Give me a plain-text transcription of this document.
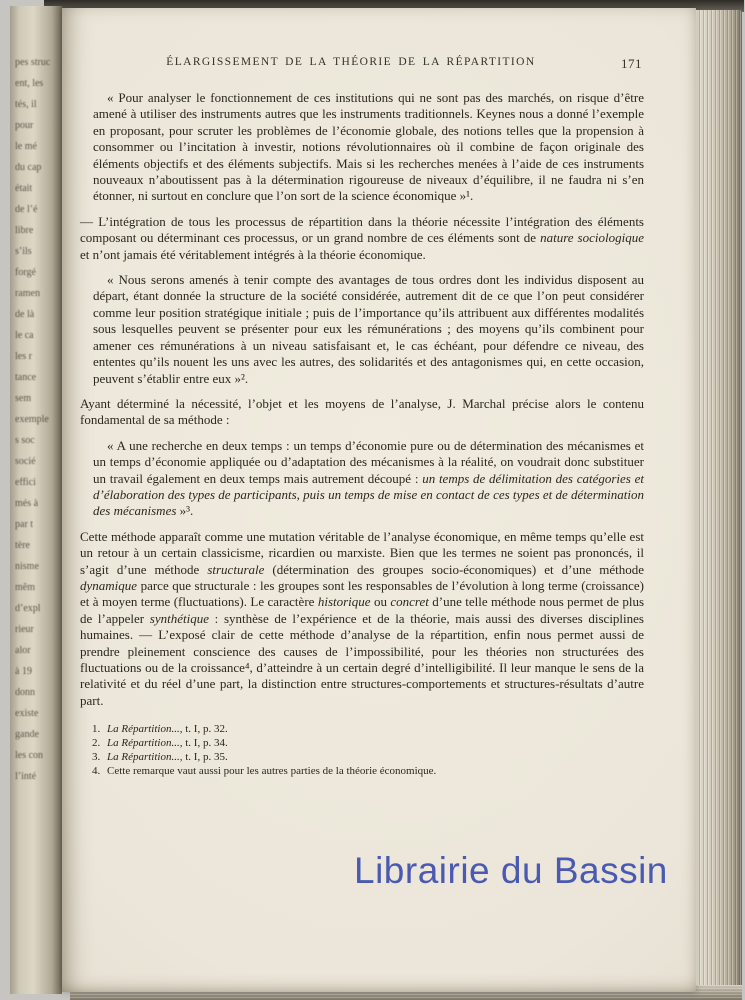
pes struc
ent, les
tés, il
pour
le mé
du cap
était
de l’é
libre
s’ils
forgé
ramen
de là
le ca
les r
tance
sem
exemple
s soc
socié
effici
més à
par t
tère
nisme
mêm
d’expl
rieur
alor
à 19
donn
existe
gande
les con
l’inté
ÉLARGISSEMENT DE LA THÉORIE DE LA RÉPARTITION	171

« Pour analyser le fonctionnement de ces institutions qui ne sont pas des marchés, on risque d’être amené à utiliser des instruments autres que les instruments traditionnels. Keynes nous a donné l’exemple en proposant, pour scruter les problèmes de l’économie globale, des notions telles que la propension à consommer ou l’incitation à investir, notions révolutionnaires où il combine de façon originale des éléments objectifs et des éléments subjectifs. Mais si les recherches menées à l’aide de ces instruments nouveaux n’aboutissent pas à la détermination rigoureuse de niveaux d’équilibre, il ne faudra ni s’en étonner, ni surtout en conclure que l’on sort de la science économique »¹.

— L’intégration de tous les processus de répartition dans la théorie nécessite l’intégration des éléments composant ou déterminant ces processus, or un grand nombre de ces éléments sont de nature sociologique et n’ont jamais été véritablement intégrés à la théorie économique.

« Nous serons amenés à tenir compte des avantages de tous ordres dont les individus disposent au départ, étant donnée la structure de la société considérée, autrement dit de ce que l’on peut considérer comme leur position stratégique initiale ; puis de l’importance qu’ils attribuent aux différentes modalités sous lesquelles peuvent se présenter pour eux les rémunérations ; des moyens qu’ils combinent pour amener ces rémunérations à un niveau satisfaisant et, le cas échéant, pour défendre ce niveau, des ententes qu’ils nouent les uns avec les autres, des solidarités et des antagonismes qui, en cette occasion, peuvent s’établir entre eux »².

Ayant déterminé la nécessité, l’objet et les moyens de l’analyse, J. Marchal précise alors le contenu fondamental de sa méthode :

« A une recherche en deux temps : un temps d’économie pure ou de détermination des mécanismes et un temps d’économie appliquée ou d’adaptation des mécanismes à la réalité, on voudrait donc substituer un travail également en deux temps mais autrement découpé : un temps de délimitation des catégories et d’élaboration des types de participants, puis un temps de mise en contact de ces types et de détermination des mécanismes »³.

Cette méthode apparaît comme une mutation véritable de l’analyse économique, en même temps qu’elle est un retour à un certain classicisme, ricardien ou marxiste. Bien que les termes ne soient pas prononcés, il s’agit d’une méthode structurale (détermination des groupes socio-économiques) et d’une méthode dynamique parce que structurale : les groupes sont les responsables de l’évolution à long terme (croissance) et à moyen terme (fluctuations). Le caractère historique ou concret d’une telle méthode nous permet de plus de l’appeler synthétique : synthèse de l’expérience et de la théorie, mais aussi des diverses disciplines humaines. — L’exposé clair de cette méthode d’analyse de la répartition, enfin nous permet aussi de prendre pleinement conscience des causes de l’impossibilité, pour les théories non structurées des fluctuations ou de la croissance⁴, d’atteindre à un certain degré d’intelligibilité. Il leur manque le sens de la relativité et du réel d’une part, la distinction entre structures-comportements et structures-résultats d’autre part.

1. La Répartition..., t. I, p. 32.
2. La Répartition..., t. I, p. 34.
3. La Répartition..., t. I, p. 35.
4. Cette remarque vaut aussi pour les autres parties de la théorie économique.
Librairie du Bassin
